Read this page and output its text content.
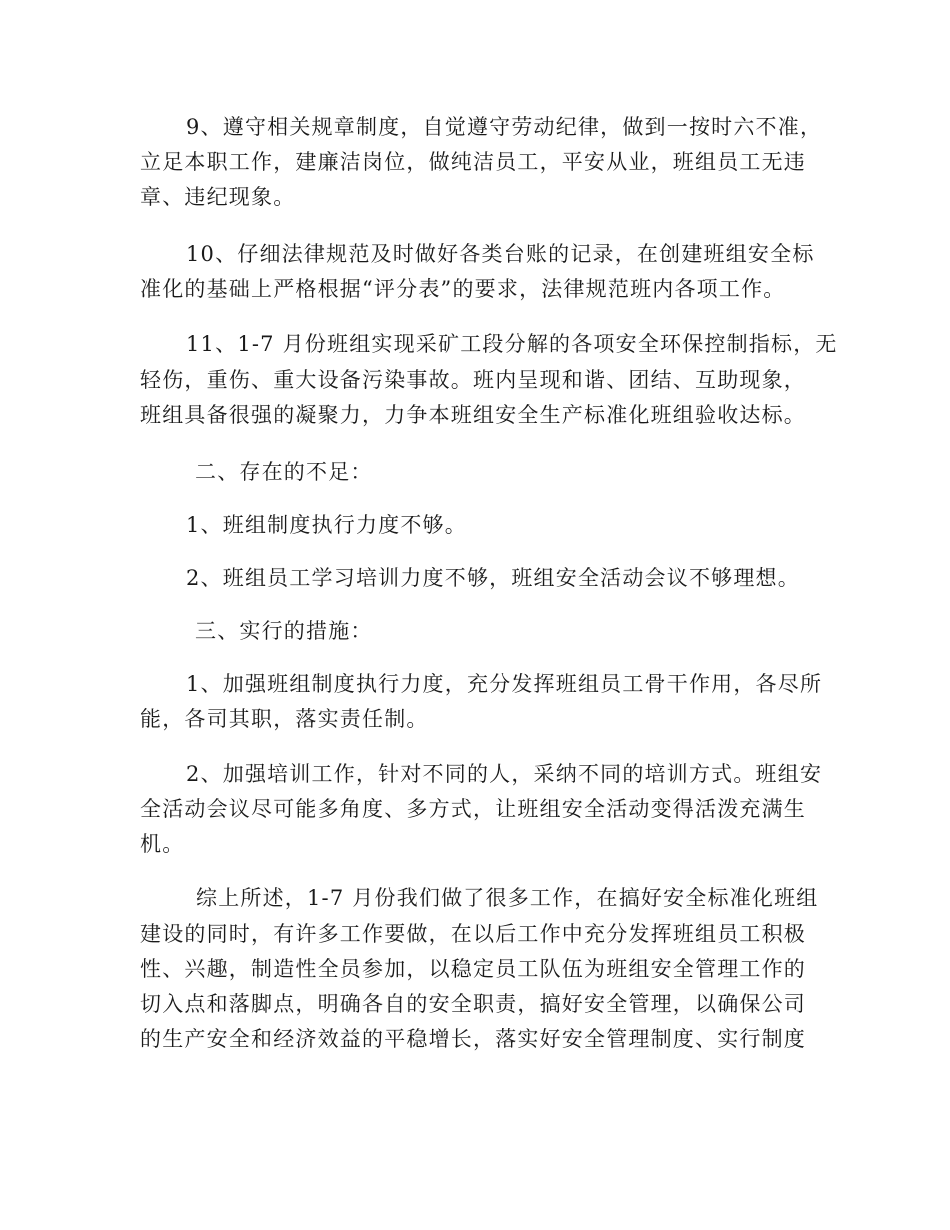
9、遵守相关规章制度，自觉遵守劳动纪律，做到一按时六不准，
立足本职工作，建廉洁岗位，做纯洁员工，平安从业，班组员工无违
章、违纪现象。
10、仔细法律规范及时做好各类台账的记录，在创建班组安全标
准化的基础上严格根据“评分表”的要求，法律规范班内各项工作。
11、1-7 月份班组实现采矿工段分解的各项安全环保控制指标，无
轻伤，重伤、重大设备污染事故。班内呈现和谐、团结、互助现象，
班组具备很强的凝聚力，力争本班组安全生产标准化班组验收达标。
二、存在的不足：
1、班组制度执行力度不够。
2、班组员工学习培训力度不够，班组安全活动会议不够理想。
三、实行的措施：
1、加强班组制度执行力度，充分发挥班组员工骨干作用，各尽所
能，各司其职，落实责任制。
2、加强培训工作，针对不同的人，采纳不同的培训方式。班组安
全活动会议尽可能多角度、多方式，让班组安全活动变得活泼充满生
机。
综上所述，1-7 月份我们做了很多工作，在搞好安全标准化班组
建设的同时，有许多工作要做，在以后工作中充分发挥班组员工积极
性、兴趣，制造性全员参加，以稳定员工队伍为班组安全管理工作的
切入点和落脚点，明确各自的安全职责，搞好安全管理，以确保公司
的生产安全和经济效益的平稳增长，落实好安全管理制度、实行制度
